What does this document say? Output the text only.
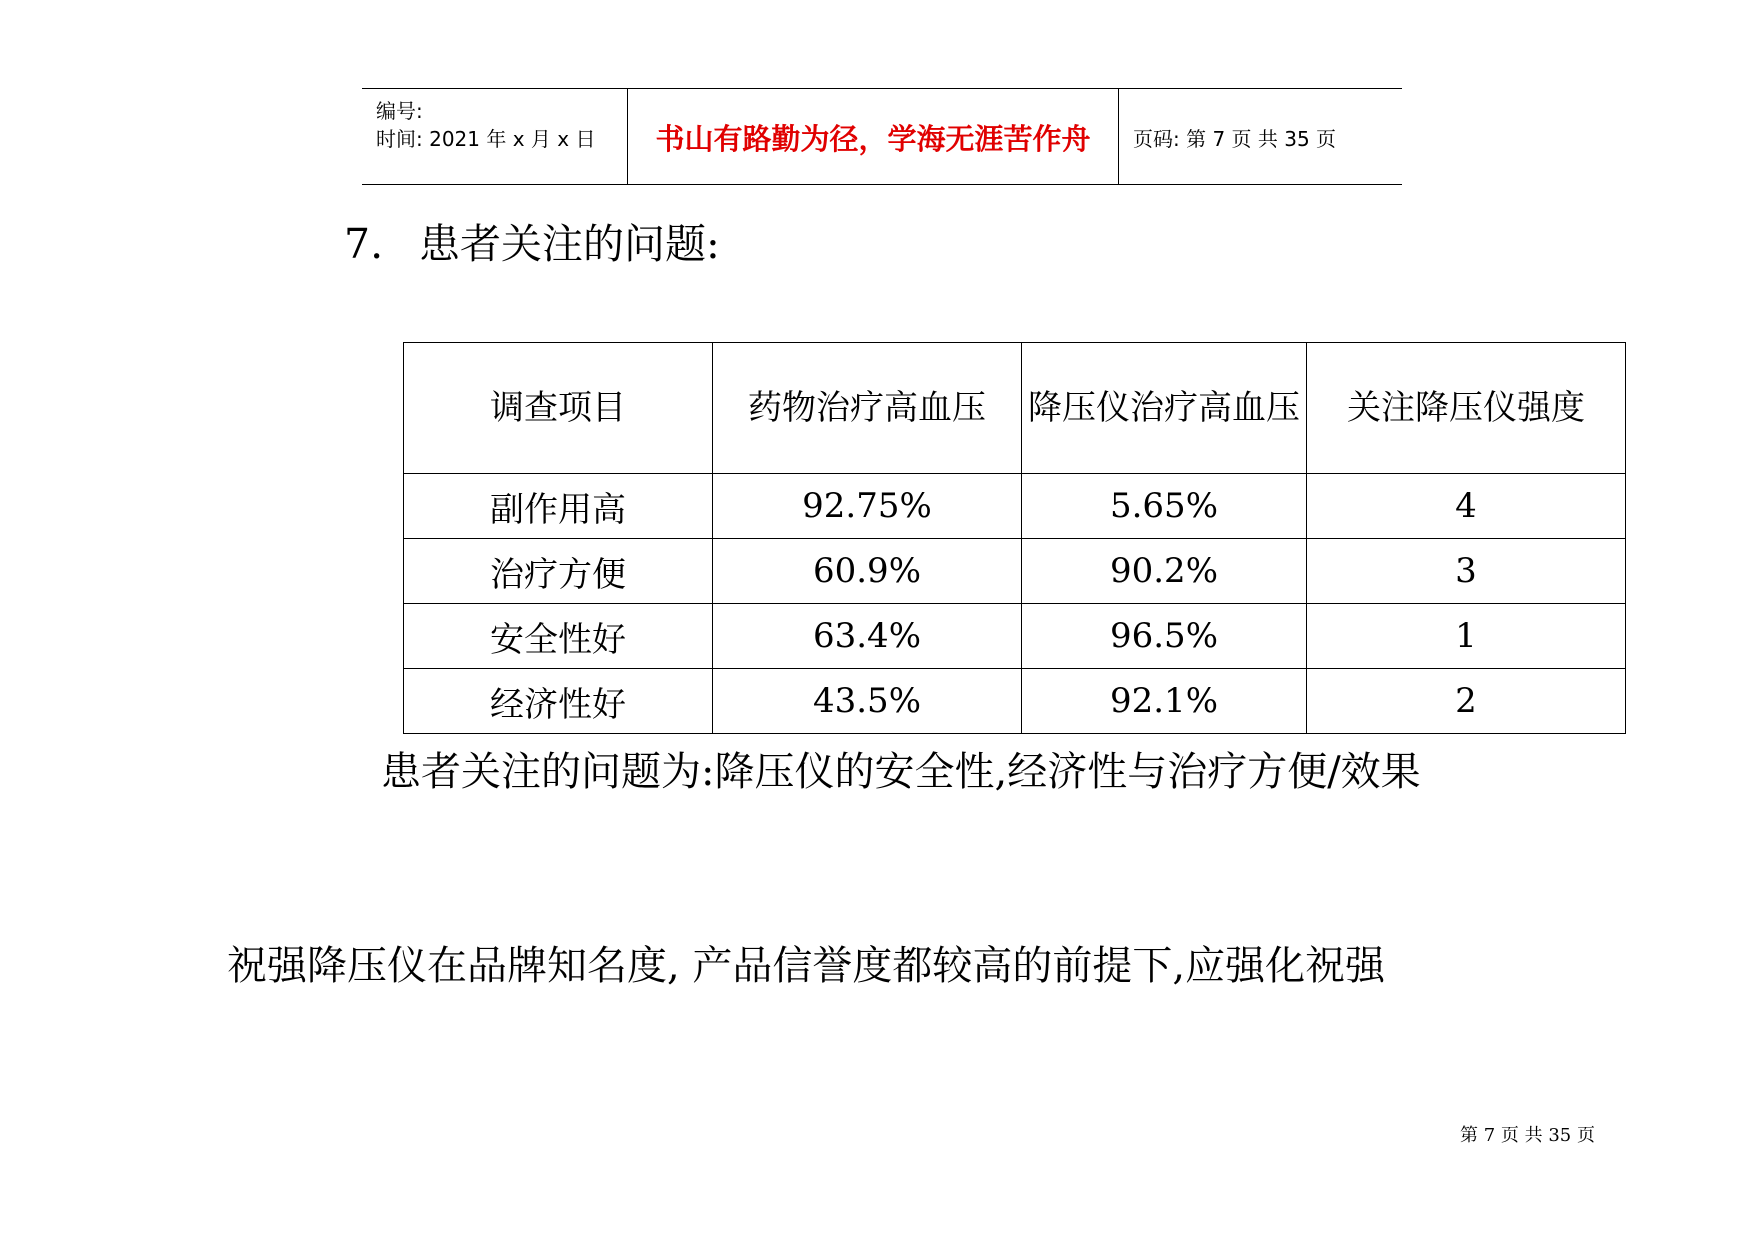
编号:
时间: 2021 年 x 月 x 日	书山有路勤为径，学海无涯苦作舟	页码: 第 7 页 共 35 页
7. 患者关注的问题:
调查项目	药物治疗高血压	降压仪治疗高血压	关注降压仪强度
副作用高	92.75%	5.65%	4
治疗方便	60.9%	90.2%	3
安全性好	63.4%	96.5%	1
经济性好	43.5%	92.1%	2
患者关注的问题为:降压仪的安全性,经济性与治疗方便/效果
祝强降压仪在品牌知名度, 产品信誉度都较高的前提下,应强化祝强
第 7 页 共 35 页
